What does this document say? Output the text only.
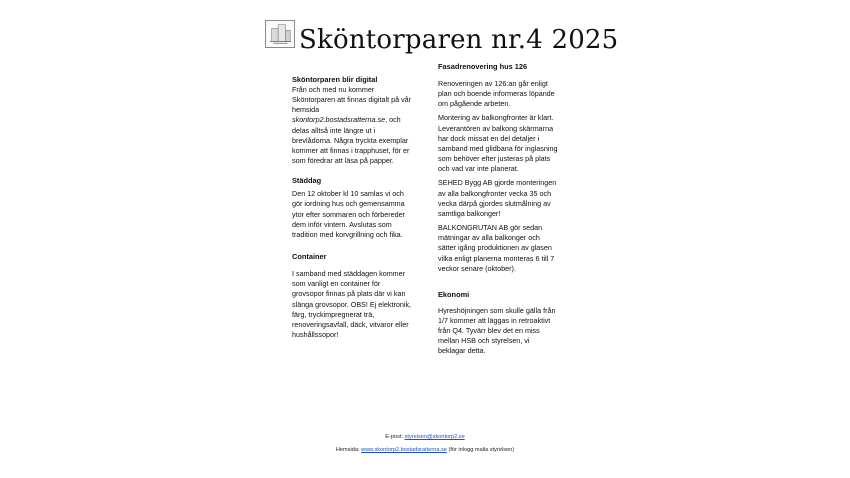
Sköntorparen nr.4 2025
Sköntorparen blir digital

Från och med nu kommer Sköntorparen att finnas digitalt på vår hemsida skontorp2.bostadsratterna.se, och delas alltså inte längre ut i brevlådorna. Några tryckta exemplar kommer att finnas i trapphuset, för er som föredrar att läsa på papper.

Städdag

Den 12 oktober kl 10 samlas vi och gör iordning hus och gemensamma ytor efter sommaren och förbereder dem inför vintern. Avslutas som tradition med korvgrillning och fika.

Container

I samband med städdagen kommer som vanligt en container för grovsopor finnas på plats där vi kan slänga grovsopor. OBS! Ej elektronik, färg, tryckimpregnerat trä, renoveringsavfall, däck, vitvaror eller hushållssopor!

Fasadrenovering hus 126

Renoveringen av 126:an går enligt plan och boende informeras löpande om pågående arbeten.

Montering av balkongfronter är klart. Leverantören av balkong skärmarna har dock missat en del detaljer i samband med glidbana för inglasning som behöver efter justeras på plats och vad var inte planerat.

SEHED Bygg AB gjorde monteringen av alla balkongfronter vecka 35 och vecka därpå gjordes slutmålning av samtliga balkonger!

BALKONGRUTAN AB gör sedan mätningar av alla balkonger och sätter igång produktionen av glasen vilka enligt planerna monteras 6 till 7 veckor senare (oktober).

Ekonomi

Hyreshöjningen som skulle gälla från 1/7 kommer att läggas in retroaktivt från Q4. Tyvärr blev det en miss mellan HSB och styrelsen, vi beklagar detta.

E-post: styrelsen@skontorp2.se
Hemsida: www.skontorp2.bostadsratterna.se (för inlogg maila styrelsen)
